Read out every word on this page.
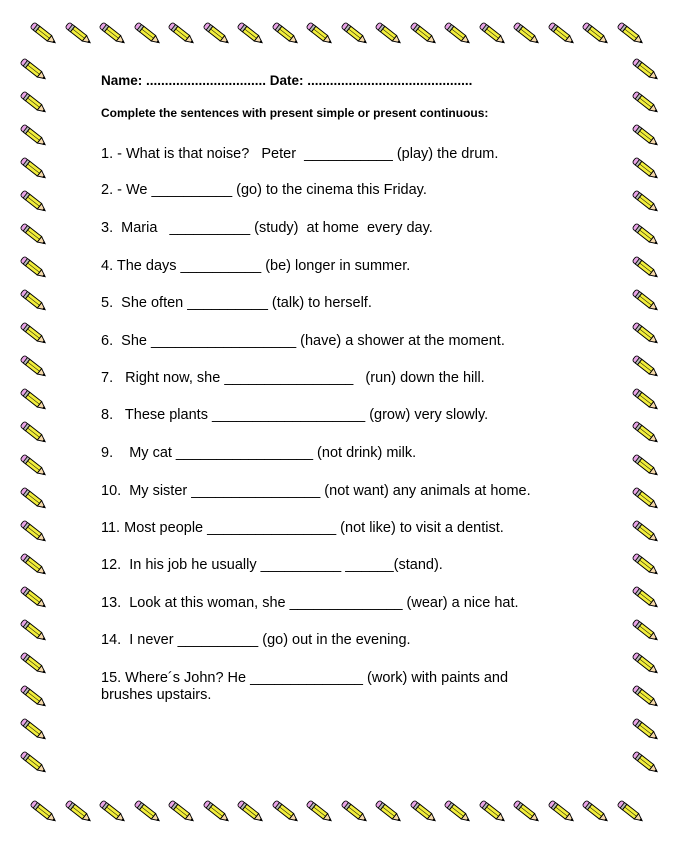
Name: ................................ Date: ............................................
Complete the sentences with present simple or present continuous:
1. - What is that noise?   Peter  ___________ (play) the drum.
2. - We __________ (go) to the cinema this Friday.
3.  Maria   __________ (study)  at home  every day.
4. The days __________ (be) longer in summer.
5.  She often __________ (talk) to herself.
6.  She __________________ (have) a shower at the moment.
7.   Right now, she ________________   (run) down the hill.
8.   These plants ___________________ (grow) very slowly.
9.    My cat _________________ (not drink) milk.
10.  My sister ________________ (not want) any animals at home.
11. Most people ________________ (not like) to visit a dentist.
12.  In his job he usually __________ ______(stand).
13.  Look at this woman, she ______________ (wear) a nice hat.
14.  I never __________ (go) out in the evening.
15. Where´s John? He ______________ (work) with paints and
brushes upstairs.
